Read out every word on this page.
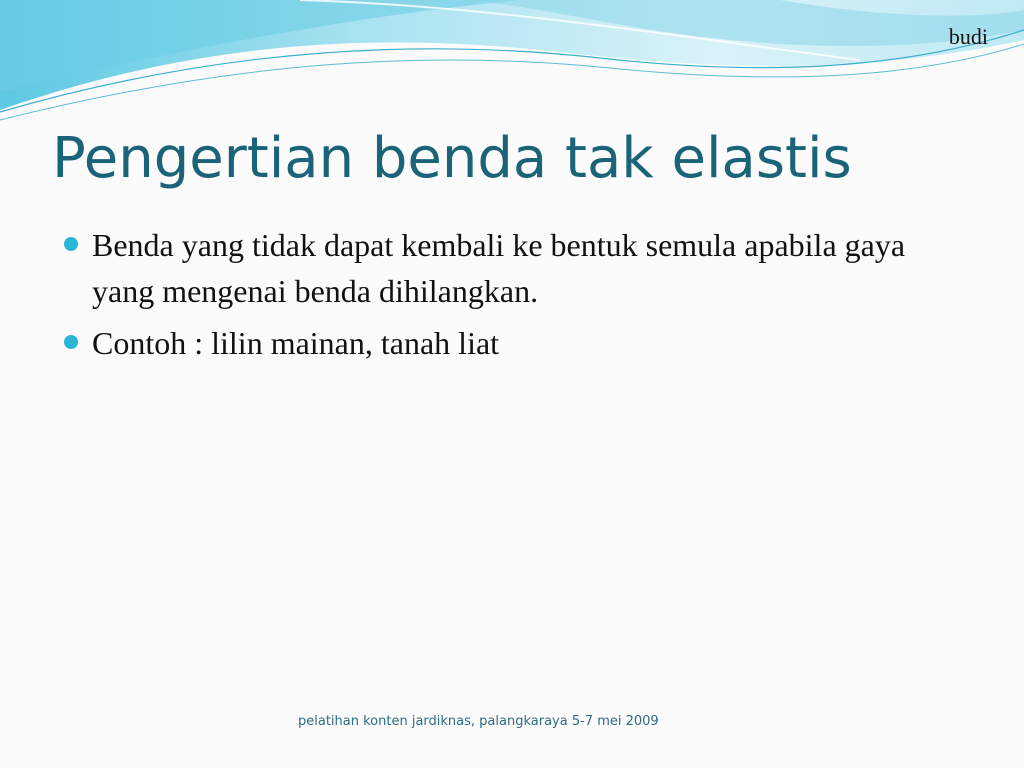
budi
Pengertian benda tak elastis
Benda yang tidak dapat kembali ke bentuk semula apabila gaya yang mengenai benda dihilangkan.
Contoh : lilin mainan, tanah liat
pelatihan konten jardiknas, palangkaraya 5-7 mei 2009
